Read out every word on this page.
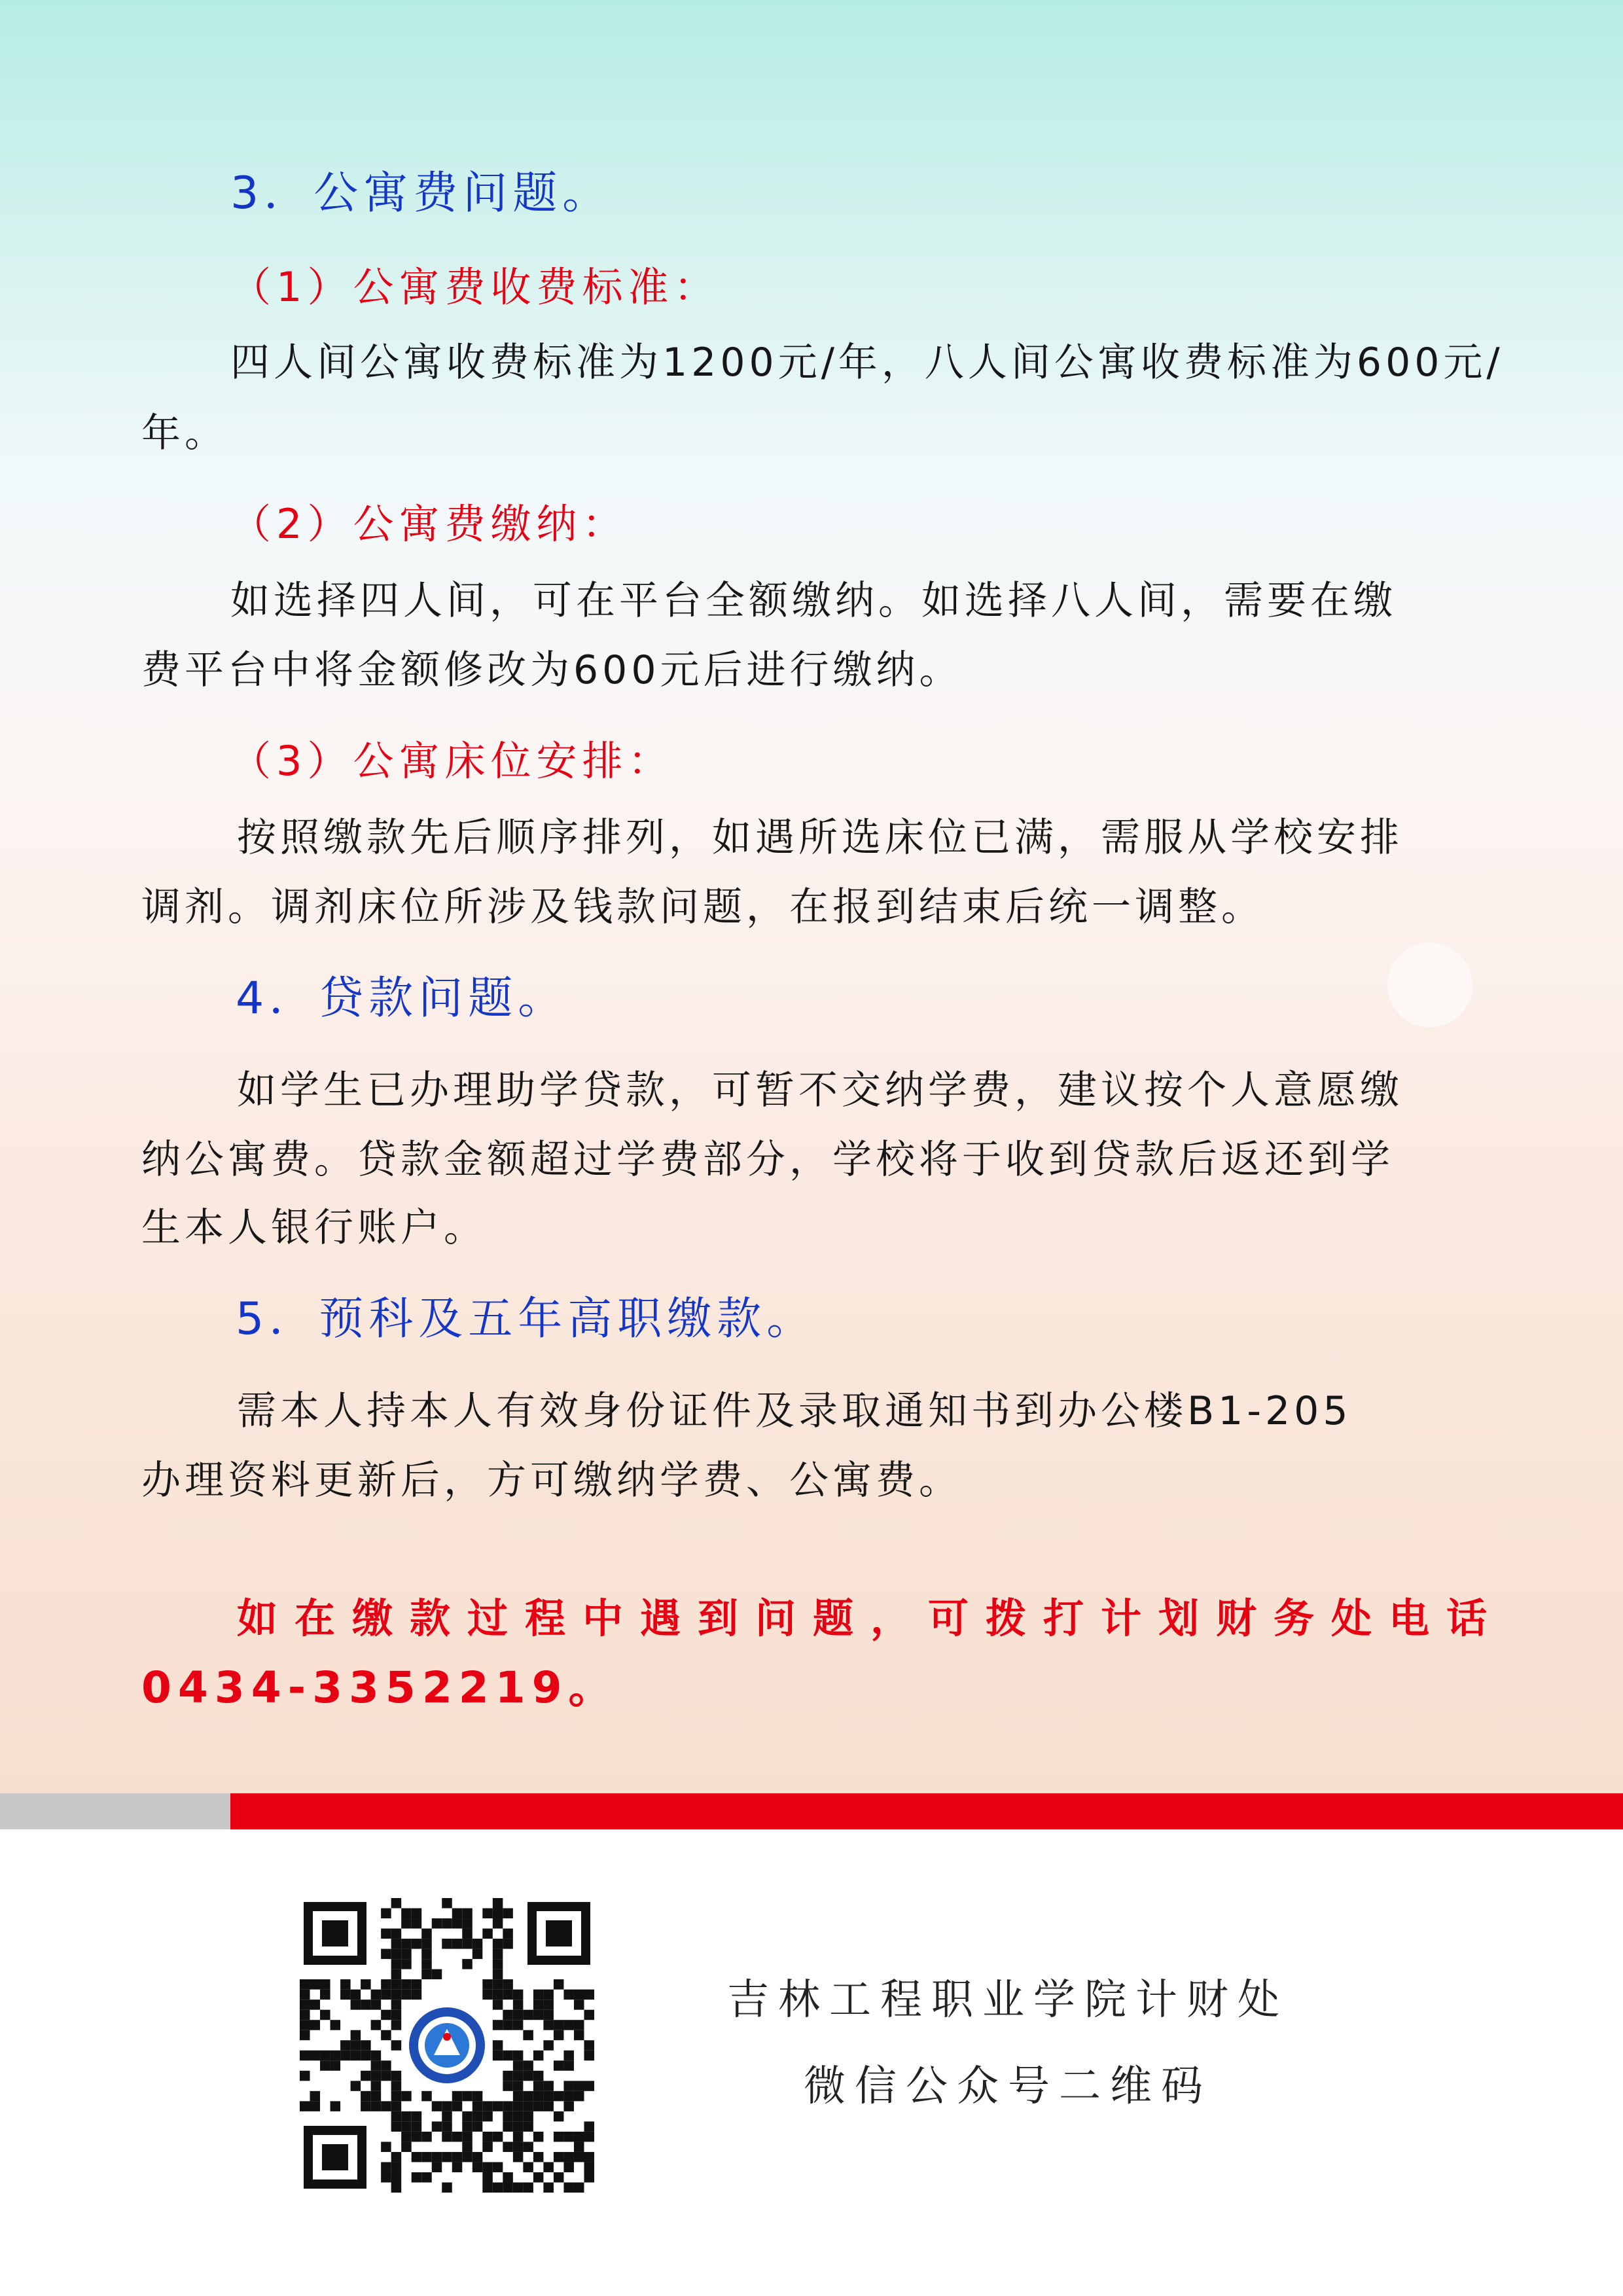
3．公寓费问题。

（1）公寓费收费标准：

四人间公寓收费标准为1200元/年，八人间公寓收费标准为600元/

年。

（2）公寓费缴纳：

如选择四人间，可在平台全额缴纳。如选择八人间，需要在缴

费平台中将金额修改为600元后进行缴纳。

（3）公寓床位安排：

按照缴款先后顺序排列，如遇所选床位已满，需服从学校安排

调剂。调剂床位所涉及钱款问题，在报到结束后统一调整。

4．贷款问题。

如学生已办理助学贷款，可暂不交纳学费，建议按个人意愿缴

纳公寓费。贷款金额超过学费部分，学校将于收到贷款后返还到学

生本人银行账户。

5．预科及五年高职缴款。

需本人持本人有效身份证件及录取通知书到办公楼B1-205

办理资料更新后，方可缴纳学费、公寓费。

如在缴款过程中遇到问题，可拨打计划财务处电话

0434-3352219。

吉林工程职业学院计财处

微信公众号二维码
